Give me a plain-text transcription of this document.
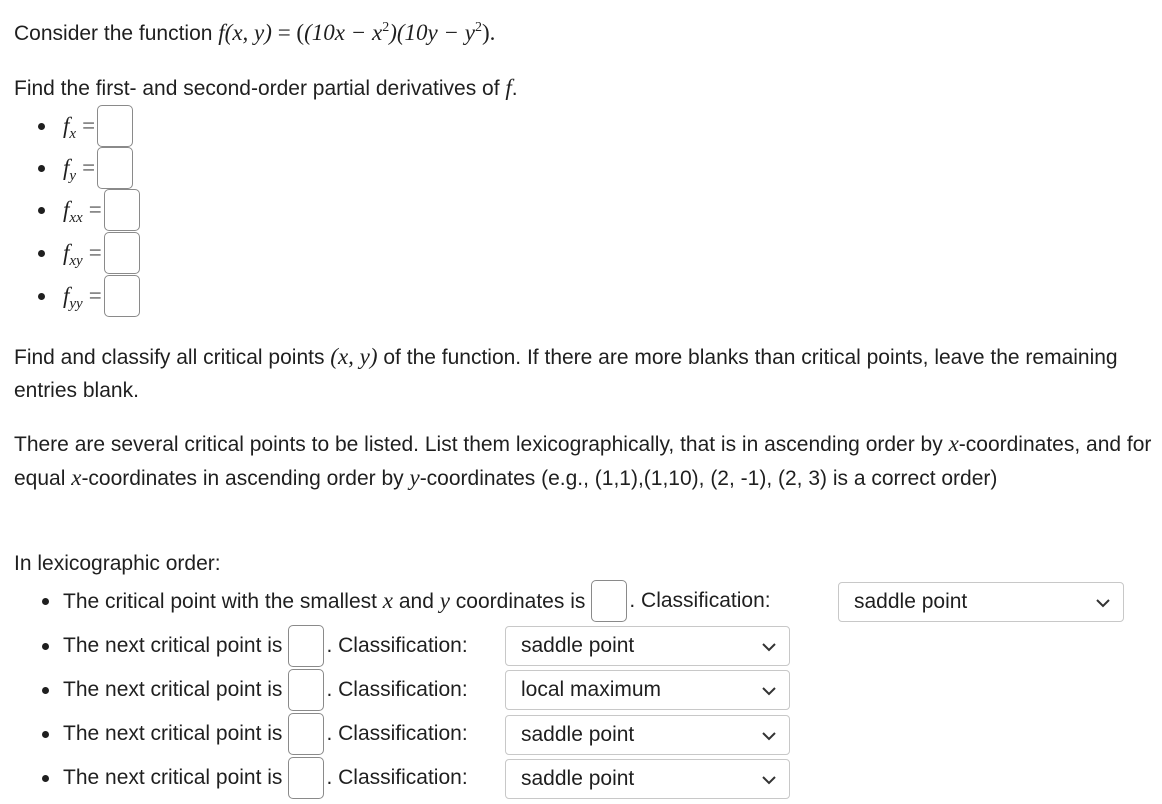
Consider the function f(x, $y) = ((10x - x^2)(10y - y^2)$.
Find the first- and second-order partial derivatives of f.
$f_x$ =
$f_y$ =
$f_{xx}$ =
$f_{xy}$ =
$f_{yy}$ =
Find and classify all critical points (x, y) of the function. If there are more blanks than critical points, leave the remaining entries blank.
There are several critical points to be listed. List them lexicographically, that is in ascending order by x-coordinates, and for equal x-coordinates in ascending order by y-coordinates (e.g., (1,1),(1,10), (2, -1), (2, 3) is a correct order)
In lexicographic order:
The critical point with the smallest x and y coordinates is . Classification:	saddle point
The next critical point is . Classification:	saddle point
The next critical point is . Classification:	local maximum
The next critical point is . Classification:	saddle point
The next critical point is . Classification:	saddle point
